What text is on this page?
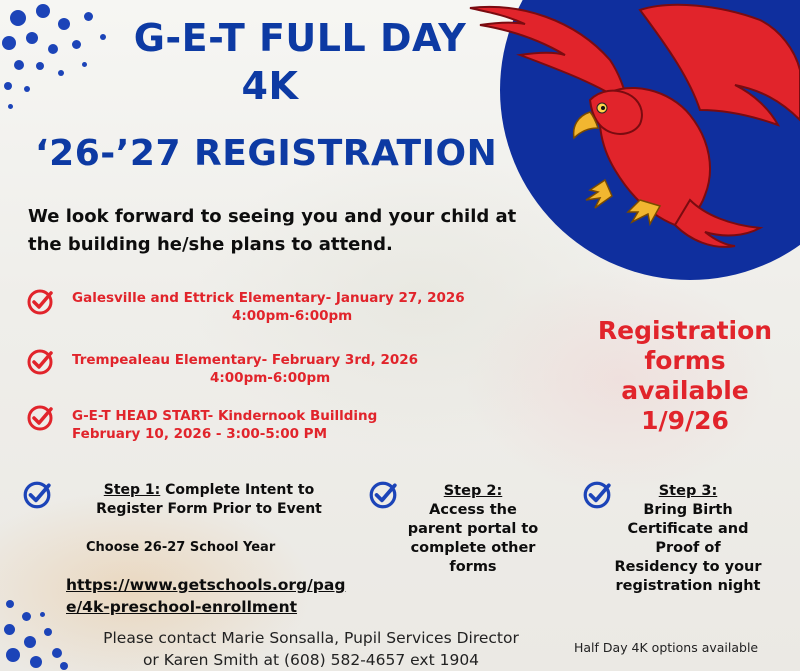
G-E-T FULL DAY
4K
‘26-’27 REGISTRATION
We look forward to seeing you and your child at
the building he/she plans to attend.
Galesville and Ettrick Elementary- January 27, 2026
4:00pm-6:00pm
Trempealeau Elementary- February 3rd, 2026
4:00pm-6:00pm
G-E-T HEAD START- Kindernook Buillding
February 10, 2026 - 3:00-5:00 PM
Registration
forms
available
1/9/26
Step 1: Complete Intent to
Register Form Prior to Event
Choose 26-27 School Year
https://www.getschools.org/pag
e/4k-preschool-enrollment
Step 2:
Access the
parent portal to
complete other
forms
Step 3:
Bring Birth
Certificate and
Proof of
Residency to your
registration night
Please contact Marie Sonsalla, Pupil Services Director
or Karen Smith at (608) 582-4657 ext 1904
Half Day 4K options available
